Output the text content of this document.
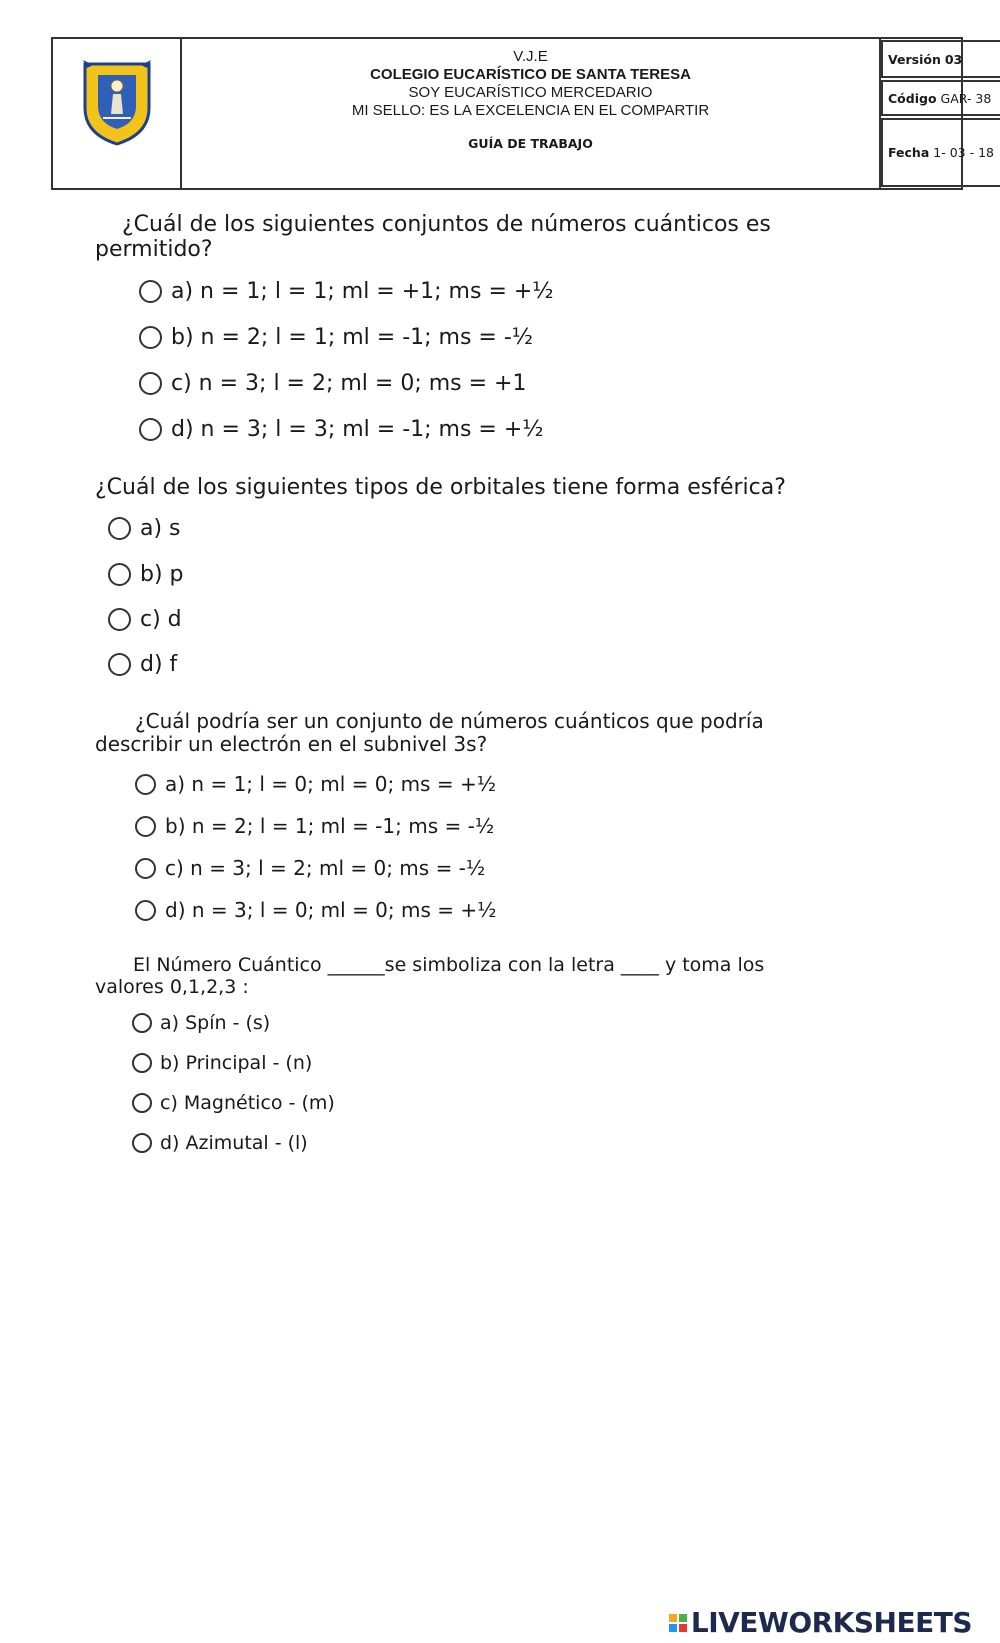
V.J.E
COLEGIO EUCARÍSTICO DE SANTA TERESA
SOY EUCARÍSTICO MERCEDARIO
MI SELLO: ES LA EXCELENCIA EN EL COMPARTIR
GUÍA DE TRABAJO
Versión 03
Código GAR- 38
Fecha 1- 03 - 18

¿Cuál de los siguientes conjuntos de números cuánticos es

permitido?

a) n = 1; l = 1; ml = +1; ms = +½
b) n = 2; l = 1; ml = -1; ms = -½
c) n = 3; l = 2; ml = 0; ms = +1
d) n = 3; l = 3; ml = -1; ms = +½

¿Cuál de los siguientes tipos de orbitales tiene forma esférica?

a) s
b) p
c) d
d) f

¿Cuál podría ser un conjunto de números cuánticos que podría

describir un electrón en el subnivel 3s?

a) n = 1; l = 0; ml = 0; ms = +½
b) n = 2; l = 1; ml = -1; ms = -½
c) n = 3; l = 2; ml = 0; ms = -½
d) n = 3; l = 0; ml = 0; ms = +½

El Número Cuántico ______se simboliza con la letra ____ y toma los

valores 0,1,2,3 :

a) Spín - (s)
b) Principal - (n)
c) Magnético - (m)
d) Azimutal - (l)
LIVEWORKSHEETS
